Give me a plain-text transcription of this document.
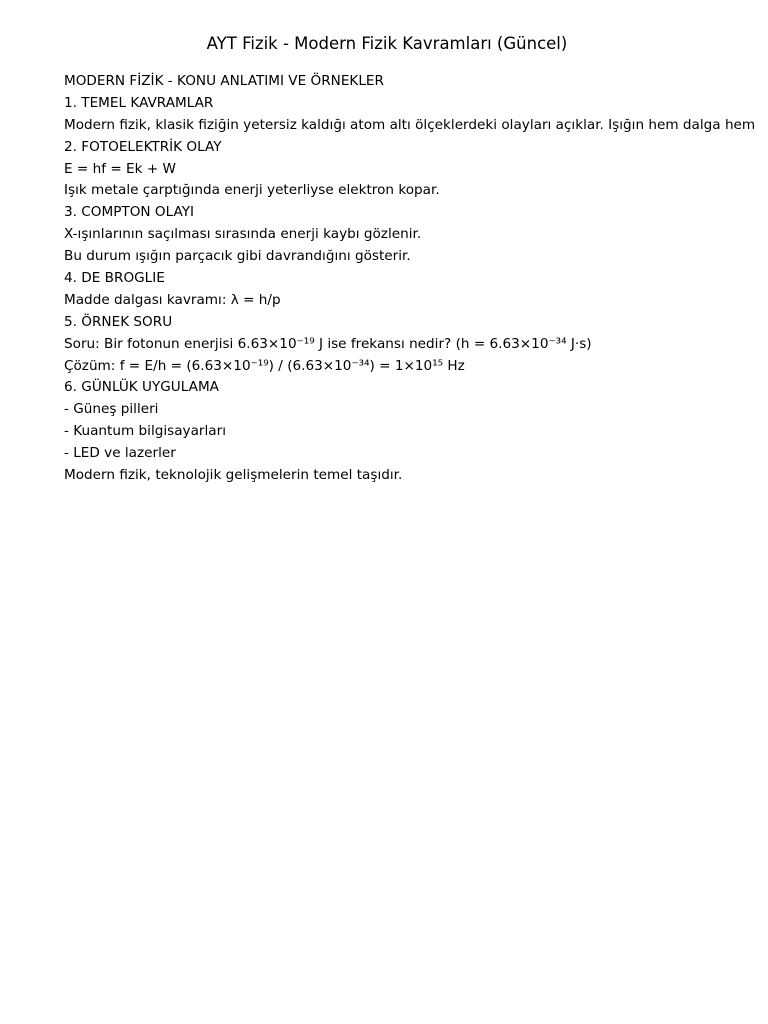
AYT Fizik - Modern Fizik Kavramları (Güncel)
MODERN FİZİK - KONU ANLATIMI VE ÖRNEKLER
1. TEMEL KAVRAMLAR
Modern fizik, klasik fiziğin yetersiz kaldığı atom altı ölçeklerdeki olayları açıklar. Işığın hem dalga hem
2. FOTOELEKTRİK OLAY
E = hf = Ek + W
Işık metale çarptığında enerji yeterliyse elektron kopar.
3. COMPTON OLAYI
X-ışınlarının saçılması sırasında enerji kaybı gözlenir.
Bu durum ışığın parçacık gibi davrandığını gösterir.
4. DE BROGLIE
Madde dalgası kavramı: λ = h/p
5. ÖRNEK SORU
Soru: Bir fotonun enerjisi 6.63×10⁻¹⁹ J ise frekansı nedir? (h = 6.63×10⁻³⁴ J·s)
Çözüm: f = E/h = (6.63×10⁻¹⁹) / (6.63×10⁻³⁴) = 1×10¹⁵ Hz
6. GÜNLÜK UYGULAMA
- Güneş pilleri
- Kuantum bilgisayarları
- LED ve lazerler
Modern fizik, teknolojik gelişmelerin temel taşıdır.
